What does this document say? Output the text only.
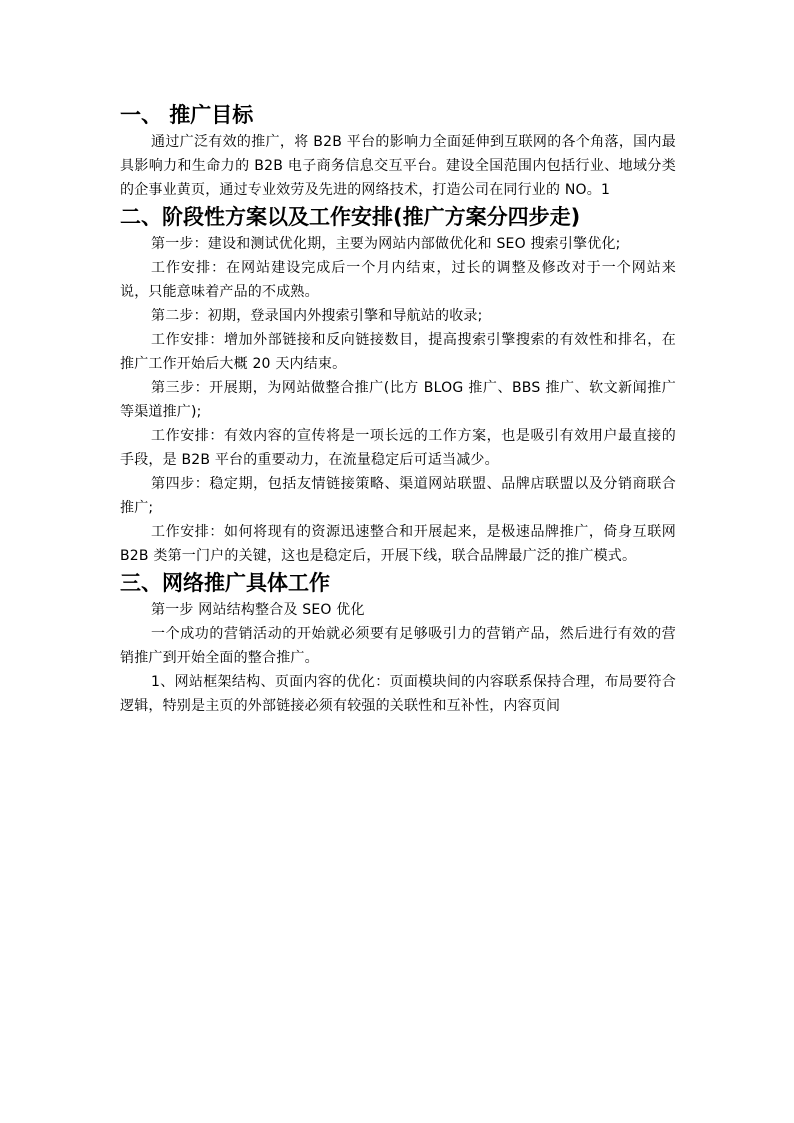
一、 推广目标

通过广泛有效的推广，将 B2B 平台的影响力全面延伸到互联网的各个角落，国内最具影响力和生命力的 B2B 电子商务信息交互平台。建设全国范围内包括行业、地域分类的企事业黄页，通过专业效劳及先进的网络技术，打造公司在同行业的 NO。1

二、阶段性方案以及工作安排(推广方案分四步走)

第一步：建设和测试优化期，主要为网站内部做优化和 SEO 搜索引擎优化;

工作安排：在网站建设完成后一个月内结束，过长的调整及修改对于一个网站来说，只能意味着产品的不成熟。

第二步：初期，登录国内外搜索引擎和导航站的收录;

工作安排：增加外部链接和反向链接数目，提高搜索引擎搜索的有效性和排名，在推广工作开始后大概 20 天内结束。

第三步：开展期，为网站做整合推广(比方 BLOG 推广、BBS 推广、软文新闻推广等渠道推广);

工作安排：有效内容的宣传将是一项长远的工作方案，也是吸引有效用户最直接的手段，是 B2B 平台的重要动力，在流量稳定后可适当减少。

第四步：稳定期，包括友情链接策略、渠道网站联盟、品牌店联盟以及分销商联合推广;

工作安排：如何将现有的资源迅速整合和开展起来，是极速品牌推广，倚身互联网 B2B 类第一门户的关键，这也是稳定后，开展下线，联合品牌最广泛的推广模式。

三、网络推广具体工作

第一步 网站结构整合及 SEO 优化

一个成功的营销活动的开始就必须要有足够吸引力的营销产品，然后进行有效的营销推广到开始全面的整合推广。

1、网站框架结构、页面内容的优化：页面模块间的内容联系保持合理，布局要符合逻辑，特别是主页的外部链接必须有较强的关联性和互补性，内容页间
